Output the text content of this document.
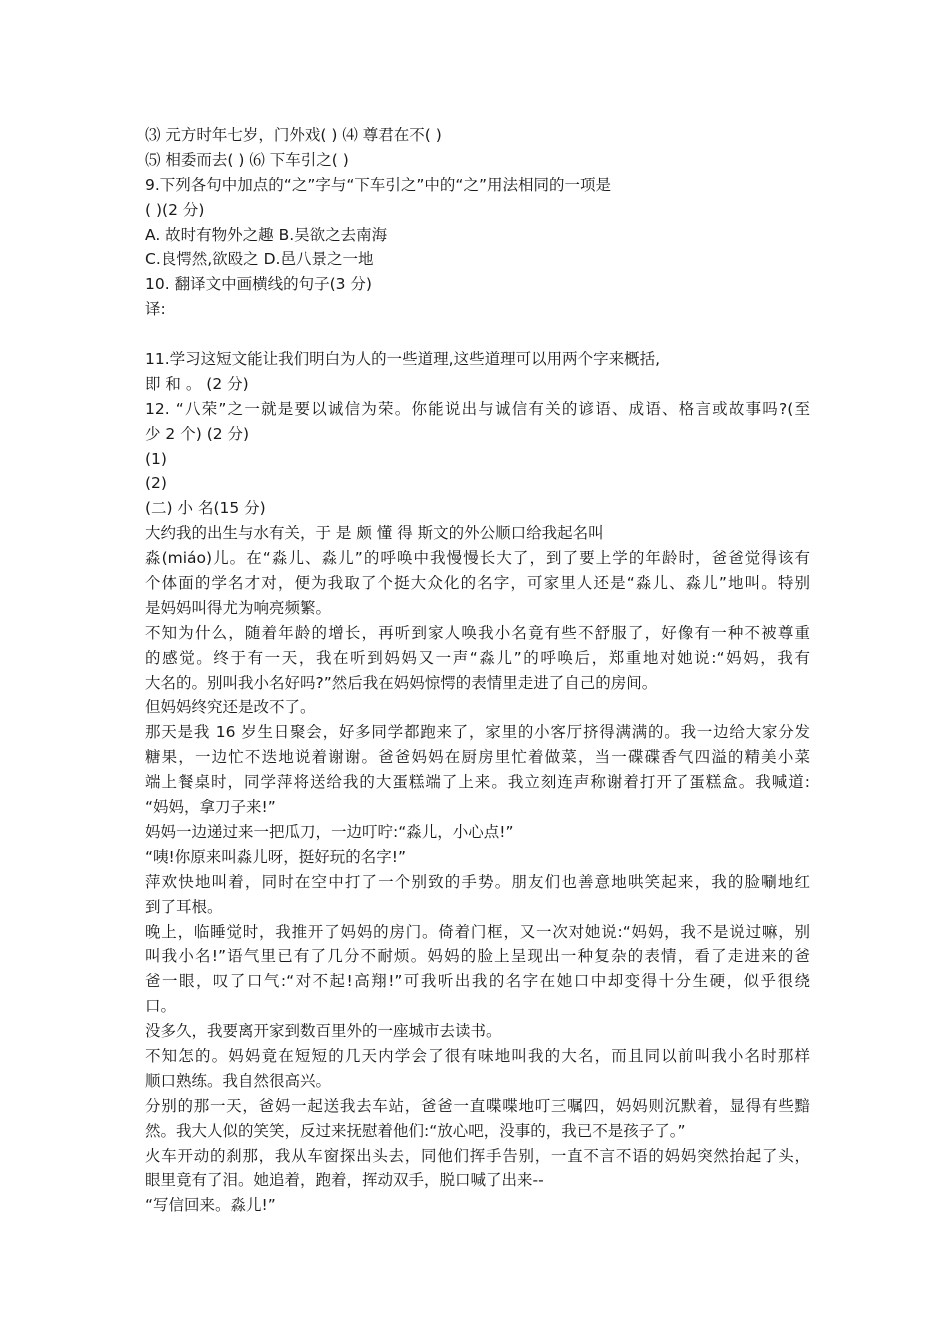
⑶ 元方时年七岁，门外戏( ) ⑷ 尊君在不( )
⑸ 相委而去( ) ⑹ 下车引之( )
9.下列各句中加点的“之”字与“下车引之”中的“之”用法相同的一项是
( )(2 分)
A. 故时有物外之趣 B.吴欲之去南海
C.良愕然,欲殴之 D.邑八景之一地
10. 翻译文中画横线的句子(3 分)
译:
11.学习这短文能让我们明白为人的一些道理,这些道理可以用两个字来概括,
即 和 。 (2 分)
12. “八荣”之一就是要以诚信为荣。你能说出与诚信有关的谚语、成语、格言或故事吗?(至
少 2 个) (2 分)
(1)
(2)
(二) 小 名(15 分)
大约我的出生与水有关，于 是 颇 懂 得 斯文的外公顺口给我起名叫
淼(miáo)儿。在“淼儿、淼儿”的呼唤中我慢慢长大了，到了要上学的年龄时，爸爸觉得该有
个体面的学名才对，便为我取了个挺大众化的名字，可家里人还是“淼儿、淼儿”地叫。特别
是妈妈叫得尤为响亮频繁。
不知为什么，随着年龄的增长，再听到家人唤我小名竟有些不舒服了，好像有一种不被尊重
的感觉。终于有一天，我在听到妈妈又一声“淼儿”的呼唤后，郑重地对她说:“妈妈，我有
大名的。别叫我小名好吗?”然后我在妈妈惊愕的表情里走进了自己的房间。
但妈妈终究还是改不了。
那天是我 16 岁生日聚会，好多同学都跑来了，家里的小客厅挤得满满的。我一边给大家分发
糖果，一边忙不迭地说着谢谢。爸爸妈妈在厨房里忙着做菜，当一碟碟香气四溢的精美小菜
端上餐桌时，同学萍将送给我的大蛋糕端了上来。我立刻连声称谢着打开了蛋糕盒。我喊道:
“妈妈，拿刀子来!”
妈妈一边递过来一把瓜刀，一边叮咛:“淼儿，小心点!”
“咦!你原来叫淼儿呀，挺好玩的名字!”
萍欢快地叫着，同时在空中打了一个别致的手势。朋友们也善意地哄笑起来，我的脸唰地红
到了耳根。
晚上，临睡觉时，我推开了妈妈的房门。倚着门框，又一次对她说:“妈妈，我不是说过嘛，别
叫我小名!”语气里已有了几分不耐烦。妈妈的脸上呈现出一种复杂的表情，看了走进来的爸
爸一眼，叹了口气:“对不起!高翔!”可我听出我的名字在她口中却变得十分生硬，似乎很绕
口。
没多久，我要离开家到数百里外的一座城市去读书。
不知怎的。妈妈竟在短短的几天内学会了很有味地叫我的大名，而且同以前叫我小名时那样
顺口熟练。我自然很高兴。
分别的那一天，爸妈一起送我去车站，爸爸一直喋喋地叮三嘱四，妈妈则沉默着，显得有些黯
然。我大人似的笑笑，反过来抚慰着他们:“放心吧，没事的，我已不是孩子了。”
火车开动的刹那，我从车窗探出头去，同他们挥手告别，一直不言不语的妈妈突然抬起了头，
眼里竟有了泪。她追着，跑着，挥动双手，脱口喊了出来--
“写信回来。淼儿!”
